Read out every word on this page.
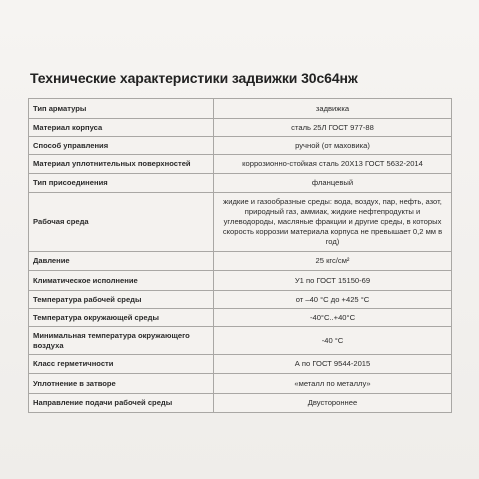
Технические характеристики задвижки 30с64нж
Тип арматуры	задвижка
Материал корпуса	сталь 25Л ГОСТ 977-88
Способ управления	ручной (от маховика)
Материал уплотнительных поверхностей	коррозионно-стойкая сталь 20Х13 ГОСТ 5632-2014
Тип присоединения	фланцевый
Рабочая среда	жидкие и газообразные среды: вода, воздух, пар, нефть, азот, природный газ, аммиак, жидкие нефтепродукты и углеводороды, масляные фракции и другие среды, в которых скорость коррозии материала корпуса не превышает 0,2 мм в год)
Давление	25 кгс/см²
Климатическое исполнение	У1 по ГОСТ 15150-69
Температура рабочей среды	от –40 °С до +425 °С
Температура окружающей среды	-40°С..+40°С
Минимальная температура окружающего воздуха	-40 °С
Класс герметичности	А по ГОСТ 9544-2015
Уплотнение в затворе	«металл по металлу»
Направление подачи рабочей среды	Двустороннее
